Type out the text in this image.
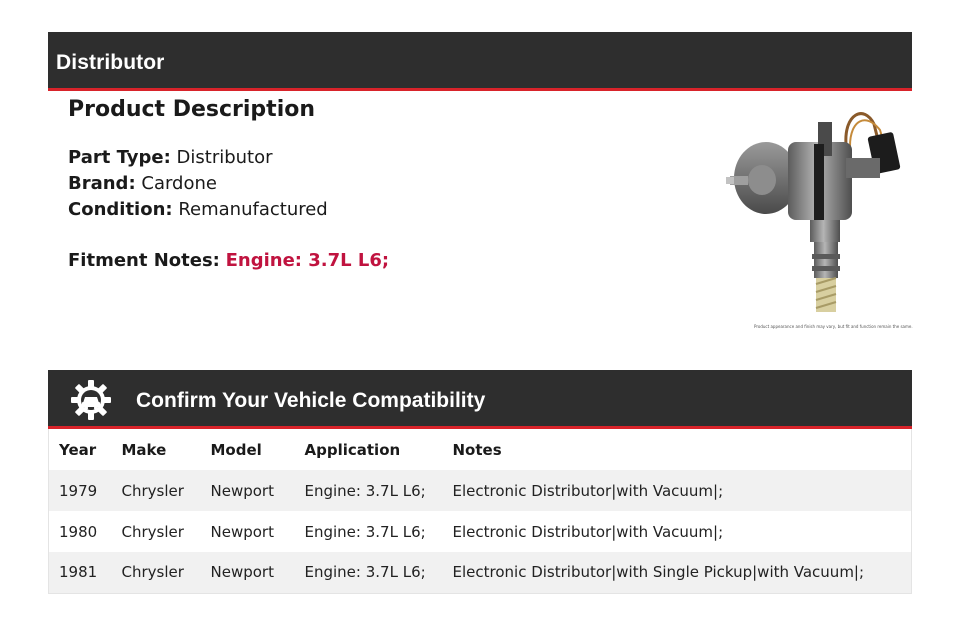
Distributor
Product Description
Part Type: Distributor
Brand: Cardone
Condition: Remanufactured
Fitment Notes: Engine: 3.7L L6;
Product appearance and finish may vary, but fit and function remain the same.
Confirm Your Vehicle Compatibility
Year	Make	Model	Application	Notes
1979	Chrysler	Newport	Engine: 3.7L L6;	Electronic Distributor|with Vacuum|;
1980	Chrysler	Newport	Engine: 3.7L L6;	Electronic Distributor|with Vacuum|;
1981	Chrysler	Newport	Engine: 3.7L L6;	Electronic Distributor|with Single Pickup|with Vacuum|;
